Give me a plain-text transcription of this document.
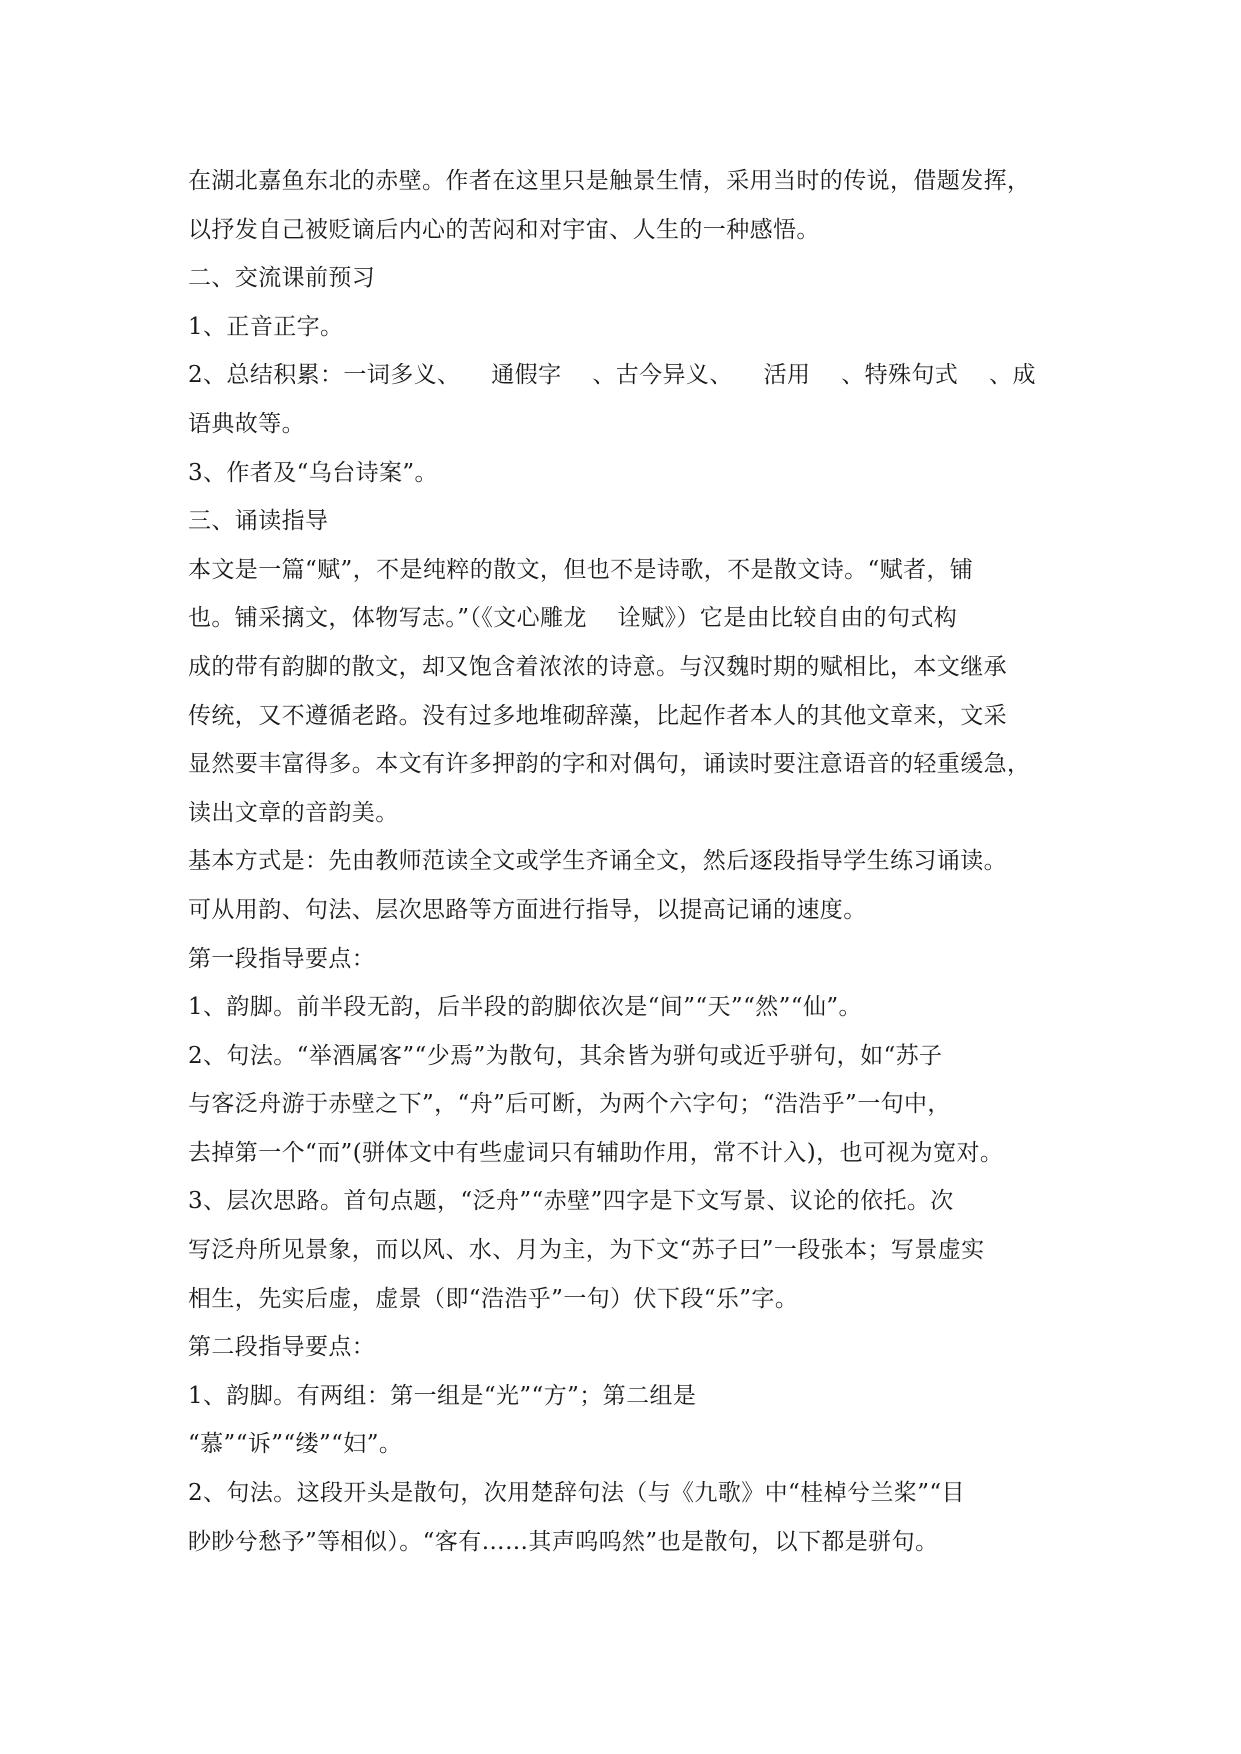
在湖北嘉鱼东北的赤壁。作者在这里只是触景生情，采用当时的传说，借题发挥，
以抒发自己被贬谪后内心的苦闷和对宇宙、人生的一种感悟。
二、交流课前预习
1、正音正字。
2、总结积累：一词多义、    通假字    、古今异义、    活用    、特殊句式    、成
语典故等。
3、作者及“乌台诗案”。
三、诵读指导
本文是一篇“赋”，不是纯粹的散文，但也不是诗歌，不是散文诗。“赋者，铺
也。铺采摛文，体物写志。”（《文心雕龙    诠赋》）它是由比较自由的句式构
成的带有韵脚的散文，却又饱含着浓浓的诗意。与汉魏时期的赋相比，本文继承
传统，又不遵循老路。没有过多地堆砌辞藻，比起作者本人的其他文章来，文采
显然要丰富得多。本文有许多押韵的字和对偶句，诵读时要注意语音的轻重缓急，
读出文章的音韵美。
基本方式是：先由教师范读全文或学生齐诵全文，然后逐段指导学生练习诵读。
可从用韵、句法、层次思路等方面进行指导，以提高记诵的速度。
第一段指导要点：
1、韵脚。前半段无韵，后半段的韵脚依次是“间”“天”“然”“仙”。
2、句法。“举酒属客”“少焉”为散句，其余皆为骈句或近乎骈句，如“苏子
与客泛舟游于赤壁之下”，“舟”后可断，为两个六字句；“浩浩乎”一句中，
去掉第一个“而”(骈体文中有些虚词只有辅助作用，常不计入)，也可视为宽对。
3、层次思路。首句点题，“泛舟”“赤壁”四字是下文写景、议论的依托。次
写泛舟所见景象，而以风、水、月为主，为下文“苏子曰”一段张本；写景虚实
相生，先实后虚，虚景（即“浩浩乎”一句）伏下段“乐”字。
第二段指导要点：
1、韵脚。有两组：第一组是“光”“方”；第二组是
“慕”“诉”“缕”“妇”。
2、句法。这段开头是散句，次用楚辞句法（与《九歌》中“桂棹兮兰桨”“目
眇眇兮愁予”等相似）。“客有……其声呜呜然”也是散句，以下都是骈句。
